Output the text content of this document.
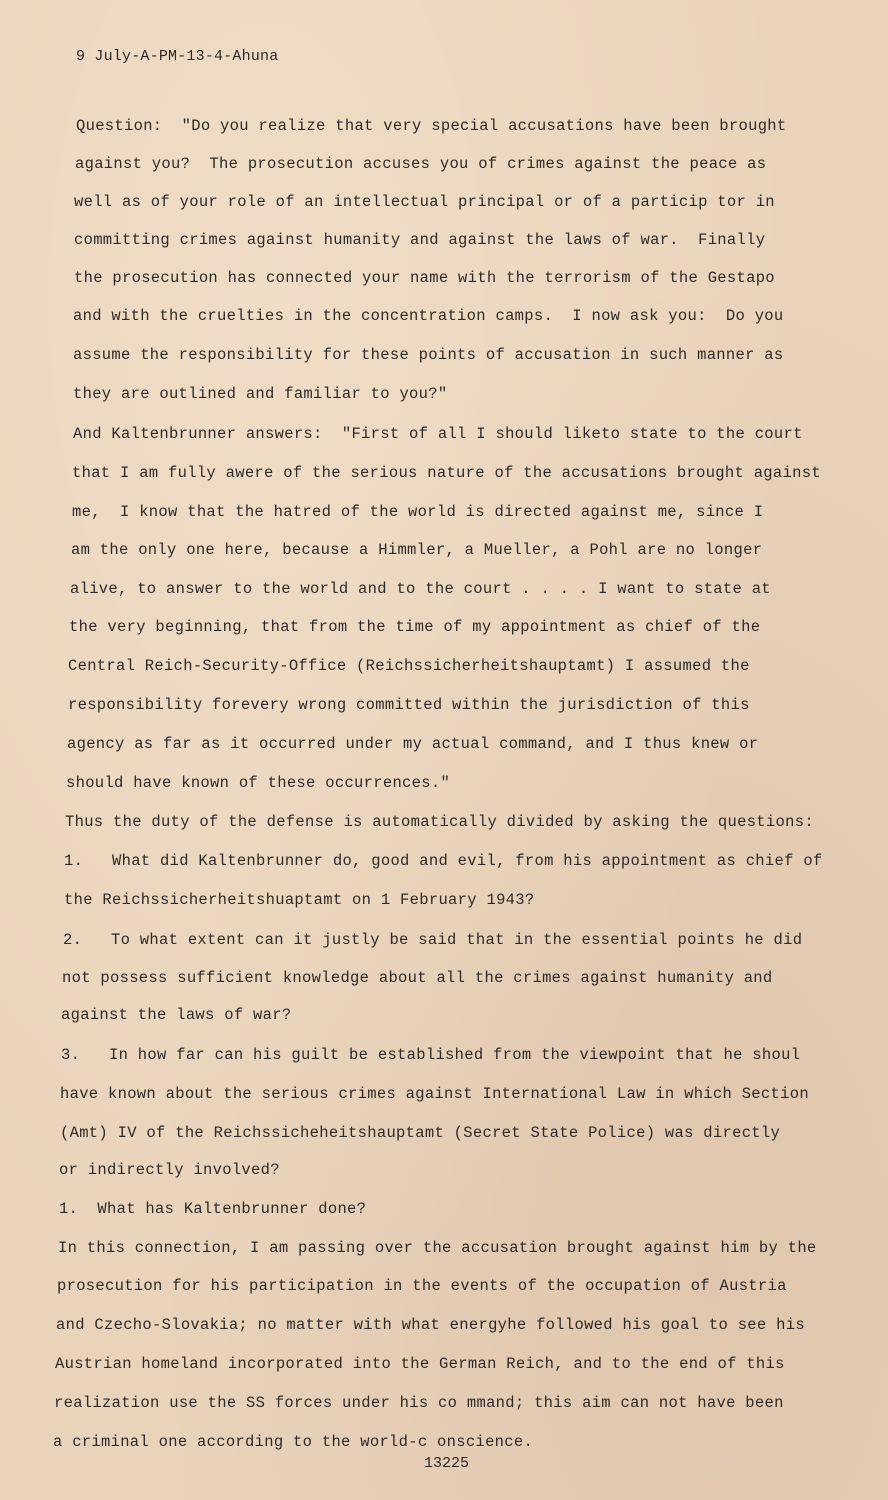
9 July-A-PM-13-4-Ahuna
Question:  "Do you realize that very special accusations have been brought
against you?  The prosecution accuses you of crimes against the peace as
well as of your role of an intellectual principal or of a particip tor in
committing crimes against humanity and against the laws of war.  Finally
the prosecution has connected your name with the terrorism of the Gestapo
and with the cruelties in the concentration camps.  I now ask you:  Do you
assume the responsibility for these points of accusation in such manner as
they are outlined and familiar to you?"
And Kaltenbrunner answers:  "First of all I should liketo state to the court
that I am fully awere of the serious nature of the accusations brought against
me,  I know that the hatred of the world is directed against me, since I
am the only one here, because a Himmler, a Mueller, a Pohl are no longer
alive, to answer to the world and to the court . . . . I want to state at
the very beginning, that from the time of my appointment as chief of the
Central Reich-Security-Office (Reichssicherheitshauptamt) I assumed the
responsibility forevery wrong committed within the jurisdiction of this
agency as far as it occurred under my actual command, and I thus knew or
should have known of these occurrences."
Thus the duty of the defense is automatically divided by asking the questions:
1.   What did Kaltenbrunner do, good and evil, from his appointment as chief of
the Reichssicherheitshuaptamt on 1 February 1943?
2.   To what extent can it justly be said that in the essential points he did
not possess sufficient knowledge about all the crimes against humanity and
against the laws of war?
3.   In how far can his guilt be established from the viewpoint that he shoul
have known about the serious crimes against International Law in which Section
(Amt) IV of the Reichssicheheitshauptamt (Secret State Police) was directly
or indirectly involved?
1.  What has Kaltenbrunner done?
In this connection, I am passing over the accusation brought against him by the
prosecution for his participation in the events of the occupation of Austria
and Czecho-Slovakia; no matter with what energyhe followed his goal to see his
Austrian homeland incorporated into the German Reich, and to the end of this
realization use the SS forces under his co mmand; this aim can not have been
a criminal one according to the world-c onscience.
13225
